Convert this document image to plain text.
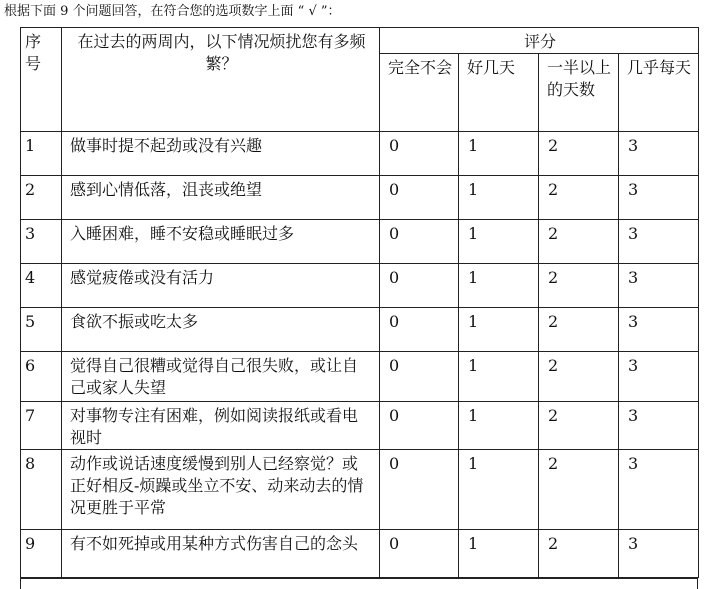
根据下面 9 个问题回答，在符合您的选项数字上面 “ √ ”：
序号	在过去的两周内，以下情况烦扰您有多频繁？	评分			
		完全不会	好几天	一半以上的天数	几乎每天
1	做事时提不起劲或没有兴趣	0	1	2	3
2	感到心情低落，沮丧或绝望	0	1	2	3
3	入睡困难，睡不安稳或睡眠过多	0	1	2	3
4	感觉疲倦或没有活力	0	1	2	3
5	食欲不振或吃太多	0	1	2	3
6	觉得自己很糟或觉得自己很失败，或让自己或家人失望	0	1	2	3
7	对事物专注有困难，例如阅读报纸或看电视时	0	1	2	3
8	动作或说话速度缓慢到别人已经察觉？或正好相反-烦躁或坐立不安、动来动去的情况更胜于平常	0	1	2	3
9	有不如死掉或用某种方式伤害自己的念头	0	1	2	3
